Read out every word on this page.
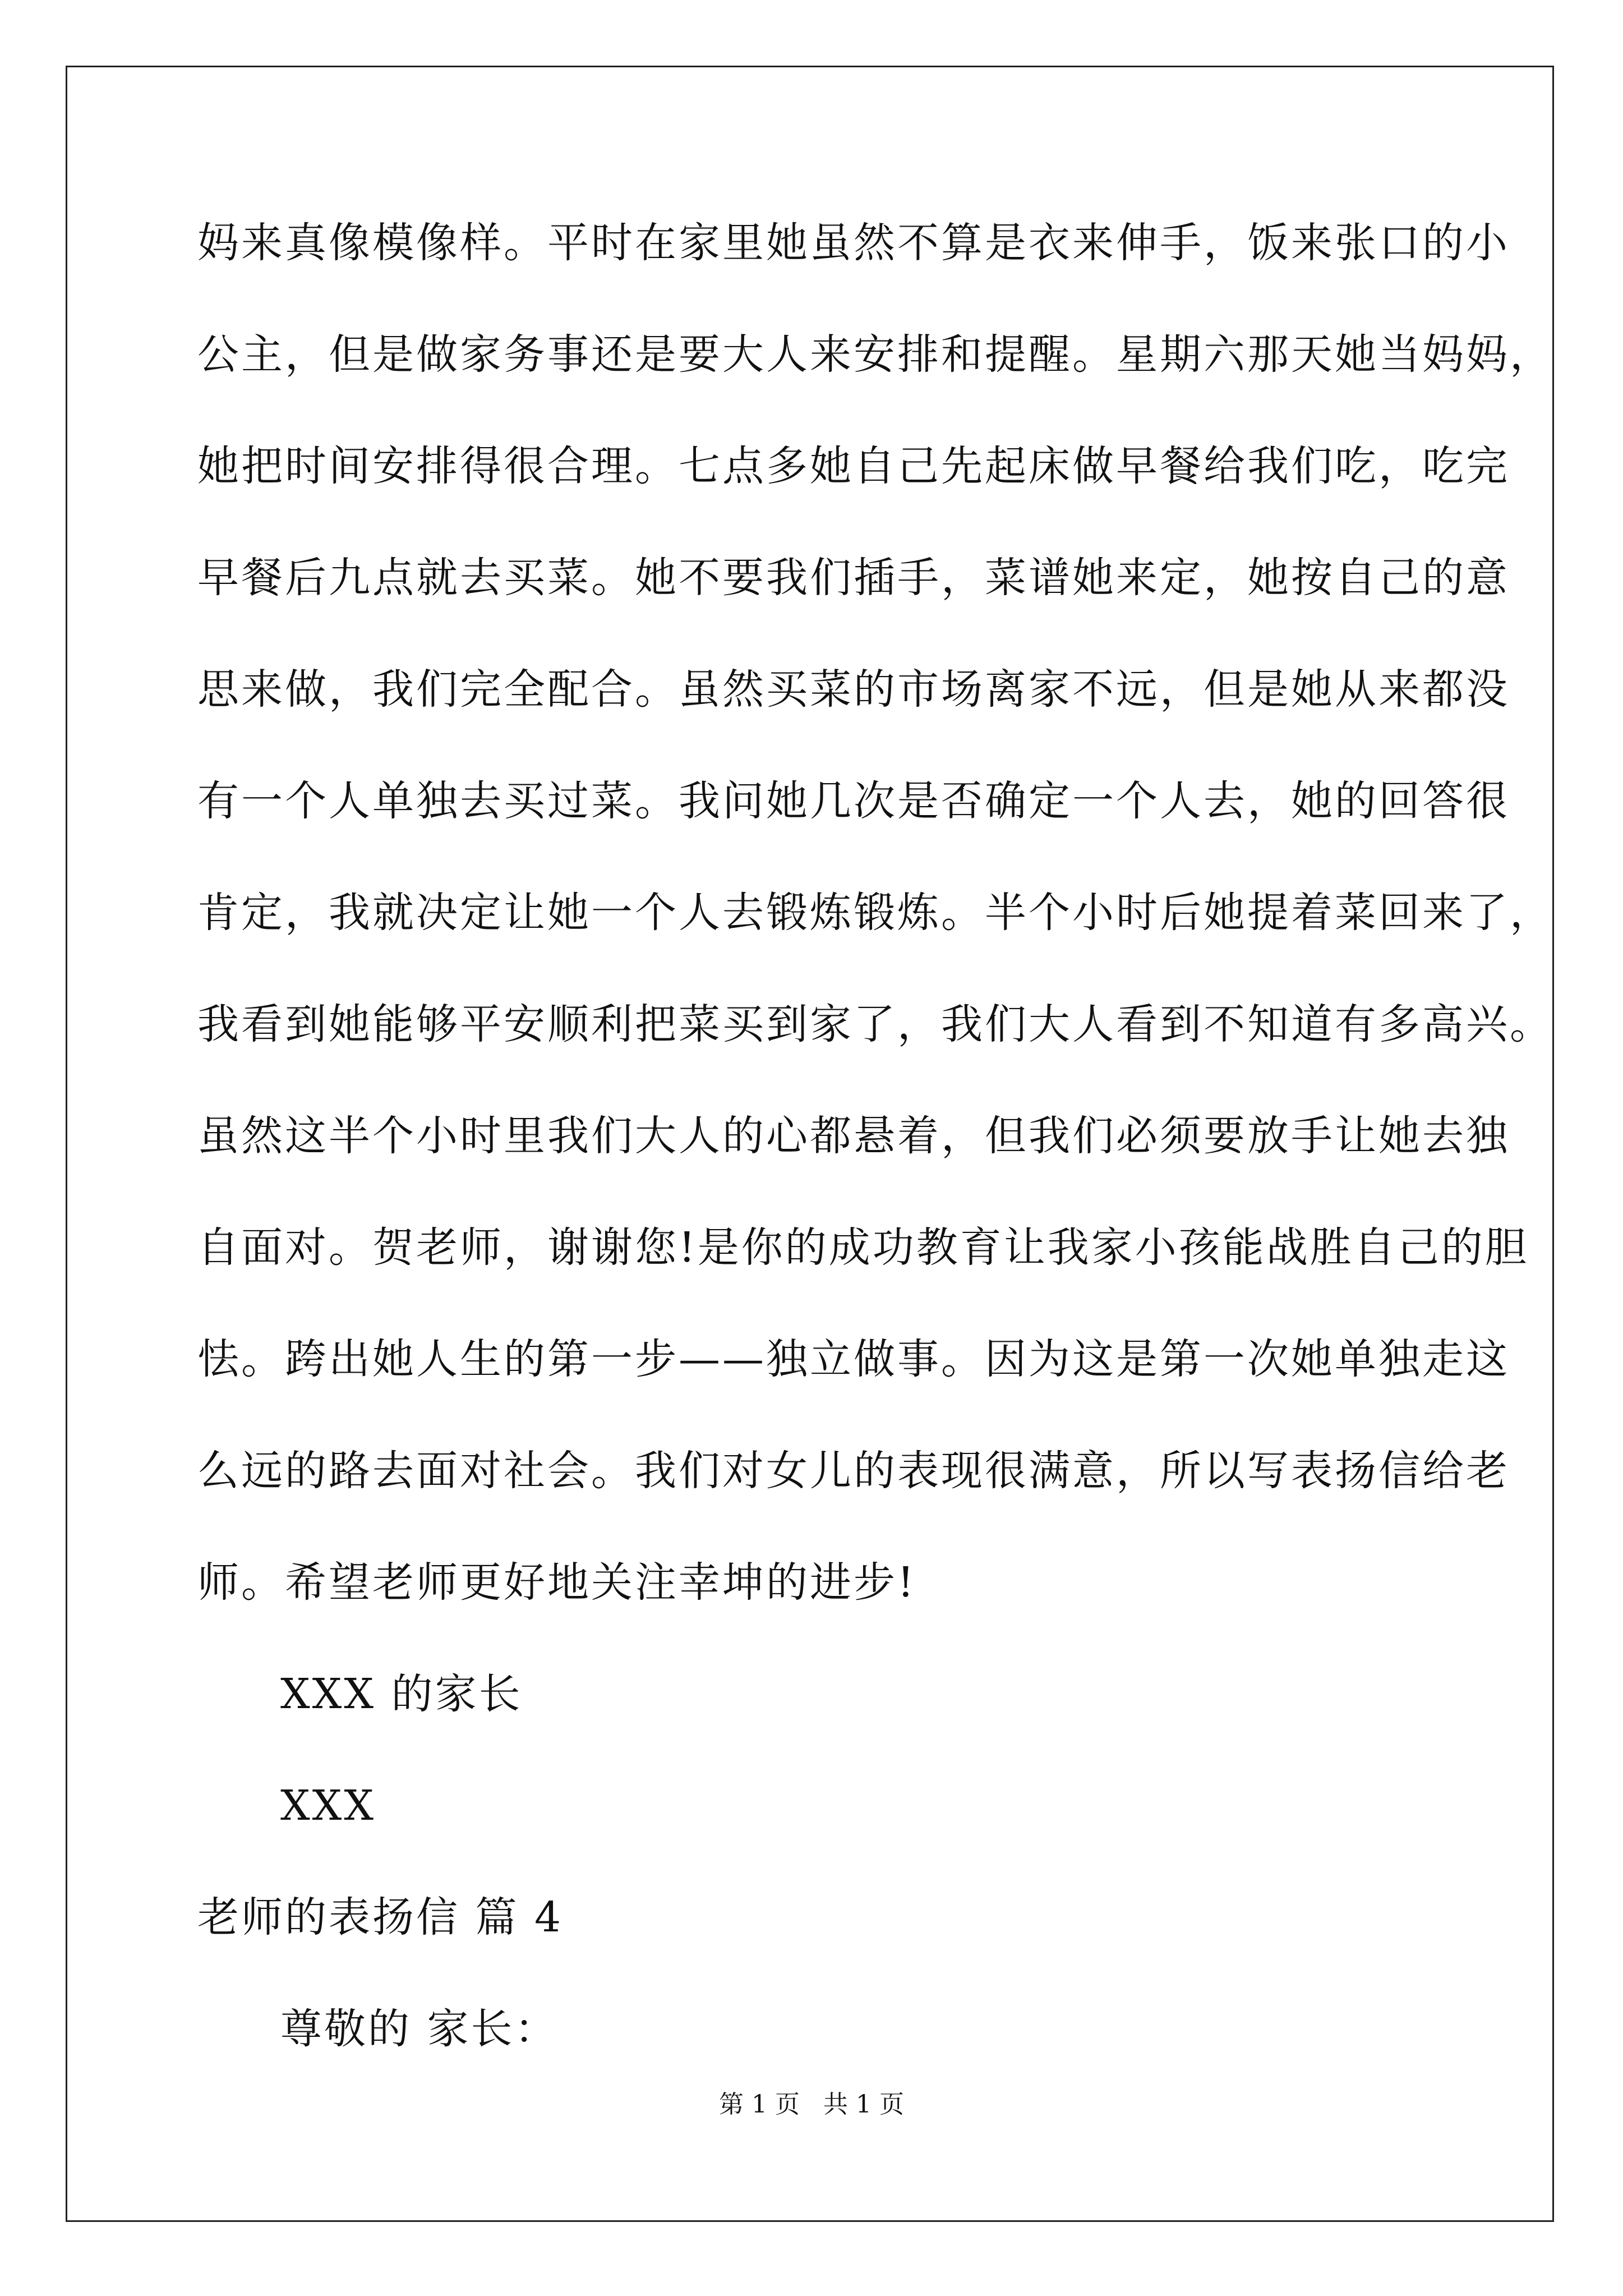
妈来真像模像样。平时在家里她虽然不算是衣来伸手，饭来张口的小
公主，但是做家务事还是要大人来安排和提醒。星期六那天她当妈妈，
她把时间安排得很合理。七点多她自己先起床做早餐给我们吃，吃完
早餐后九点就去买菜。她不要我们插手，菜谱她来定，她按自己的意
思来做，我们完全配合。虽然买菜的市场离家不远，但是她从来都没
有一个人单独去买过菜。我问她几次是否确定一个人去，她的回答很
肯定，我就决定让她一个人去锻炼锻炼。半个小时后她提着菜回来了，
我看到她能够平安顺利把菜买到家了，我们大人看到不知道有多高兴。
虽然这半个小时里我们大人的心都悬着，但我们必须要放手让她去独
自面对。贺老师，谢谢您!是你的成功教育让我家小孩能战胜自己的胆
怯。跨出她人生的第一步——独立做事。因为这是第一次她单独走这
么远的路去面对社会。我们对女儿的表现很满意，所以写表扬信给老
师。希望老师更好地关注幸坤的进步!
XXX 的家长
XXX
老师的表扬信 篇 4
尊敬的 家长：
第 1 页   共 1 页
